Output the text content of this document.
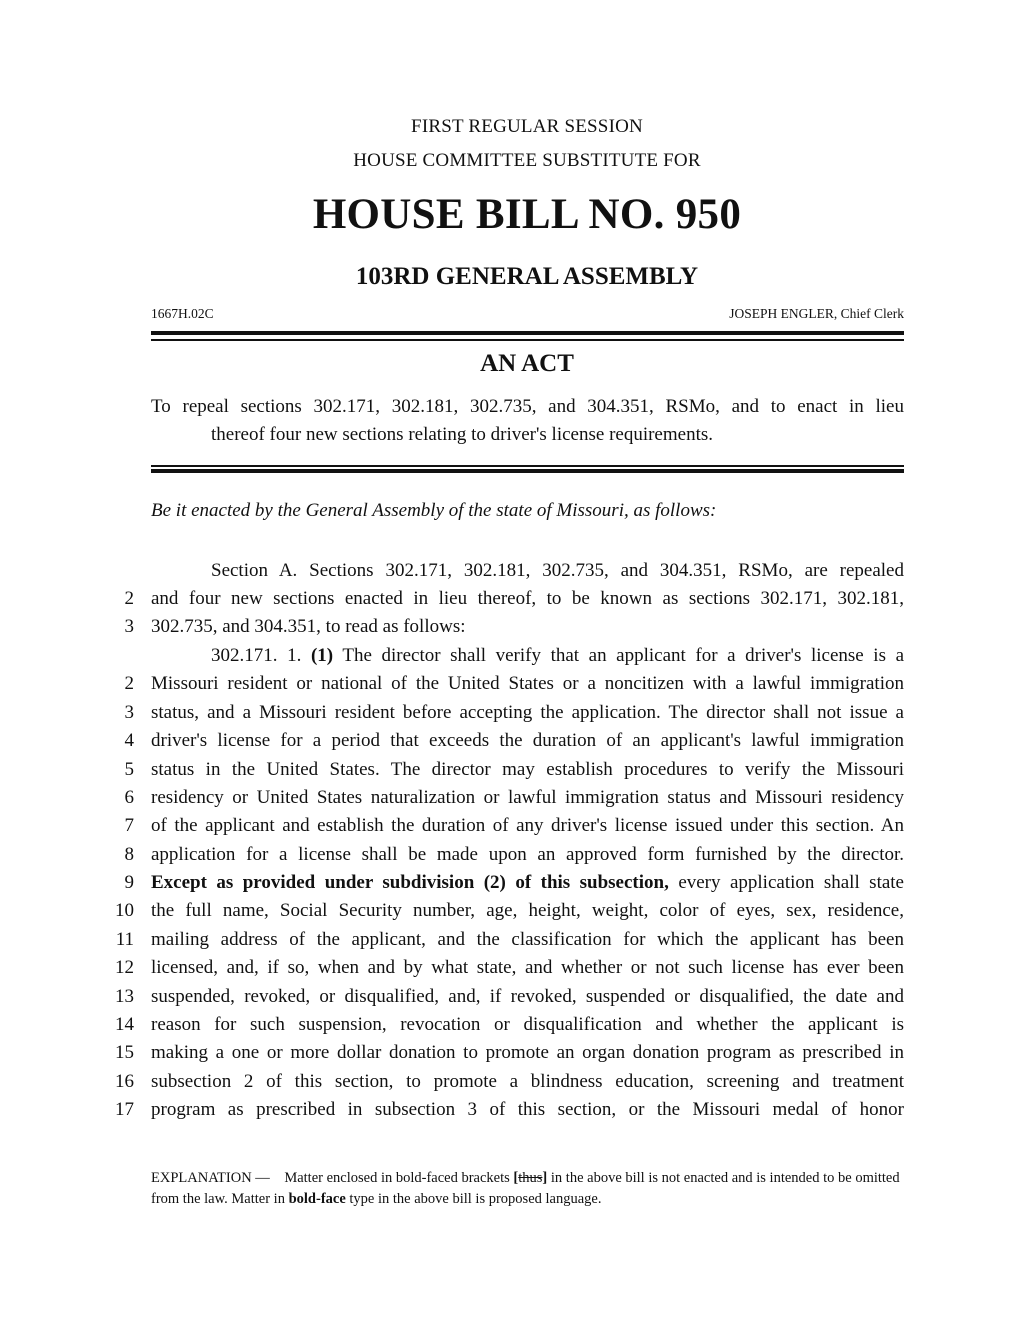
FIRST REGULAR SESSION
HOUSE COMMITTEE SUBSTITUTE FOR
HOUSE BILL NO. 950
103RD GENERAL ASSEMBLY
1667H.02C	JOSEPH ENGLER, Chief Clerk
AN ACT
To repeal sections 302.171, 302.181, 302.735, and 304.351, RSMo, and to enact in lieu
thereof four new sections relating to driver's license requirements.
Be it enacted by the General Assembly of the state of Missouri, as follows:
Section A. Sections 302.171, 302.181, 302.735, and 304.351, RSMo, are repealed
2 and four new sections enacted in lieu thereof, to be known as sections 302.171, 302.181,
3 302.735, and 304.351, to read as follows:
302.171. 1. (1) The director shall verify that an applicant for a driver's license is a
2 Missouri resident or national of the United States or a noncitizen with a lawful immigration
3 status, and a Missouri resident before accepting the application. The director shall not issue a
4 driver's license for a period that exceeds the duration of an applicant's lawful immigration
5 status in the United States. The director may establish procedures to verify the Missouri
6 residency or United States naturalization or lawful immigration status and Missouri residency
7 of the applicant and establish the duration of any driver's license issued under this section. An
8 application for a license shall be made upon an approved form furnished by the director.
9 Except as provided under subdivision (2) of this subsection, every application shall state
10 the full name, Social Security number, age, height, weight, color of eyes, sex, residence,
11 mailing address of the applicant, and the classification for which the applicant has been
12 licensed, and, if so, when and by what state, and whether or not such license has ever been
13 suspended, revoked, or disqualified, and, if revoked, suspended or disqualified, the date and
14 reason for such suspension, revocation or disqualification and whether the applicant is
15 making a one or more dollar donation to promote an organ donation program as prescribed in
16 subsection 2 of this section, to promote a blindness education, screening and treatment
17 program as prescribed in subsection 3 of this section, or the Missouri medal of honor
EXPLANATION — Matter enclosed in bold-faced brackets [thus] in the above bill is not enacted and is intended to be omitted from the law. Matter in bold-face type in the above bill is proposed language.
